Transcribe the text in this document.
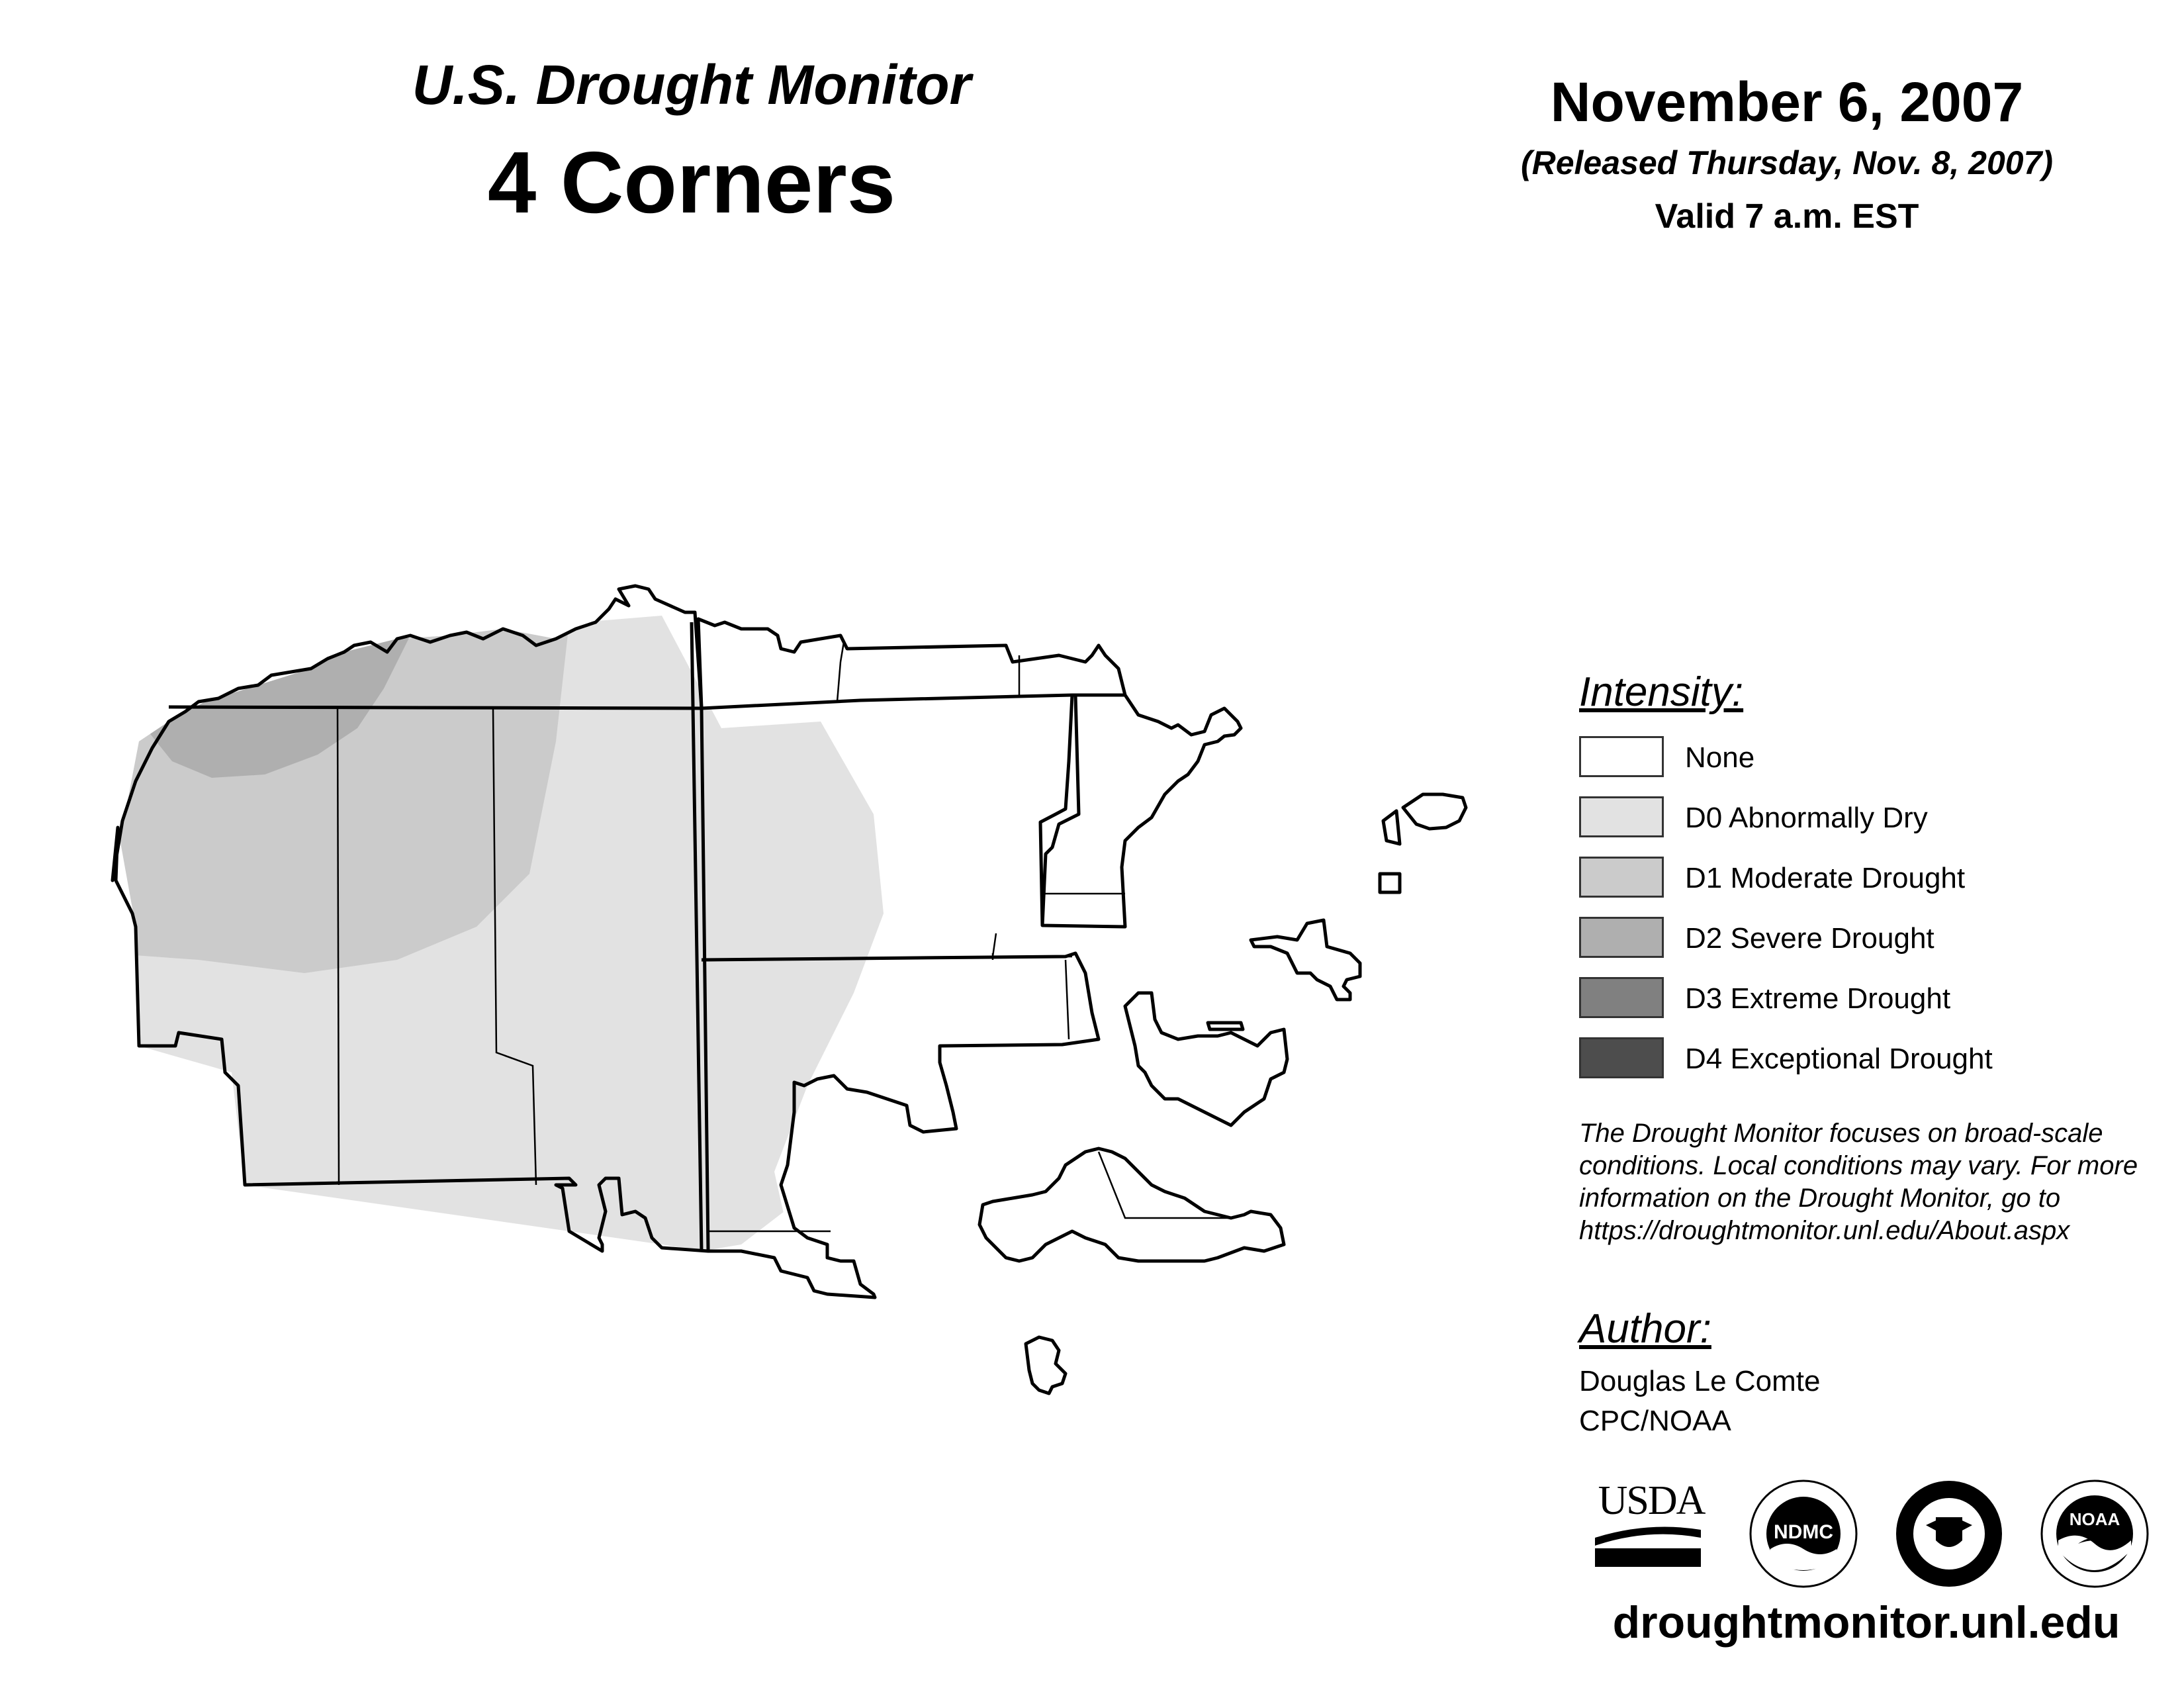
U.S. Drought Monitor
4 Corners
November 6, 2007
(Released Thursday, Nov. 8, 2007)
Valid 7 a.m. EST
Intensity:
None
D0 Abnormally Dry
D1 Moderate Drought
D2 Severe Drought
D3 Extreme Drought
D4 Exceptional Drought
The Drought Monitor focuses on broad-scale
conditions. Local conditions may vary. For more
information on the Drought Monitor, go to
https://droughtmonitor.unl.edu/About.aspx
Author:
Douglas Le Comte
CPC/NOAA
USDA
NDMC
NOAA
droughtmonitor.unl.edu
